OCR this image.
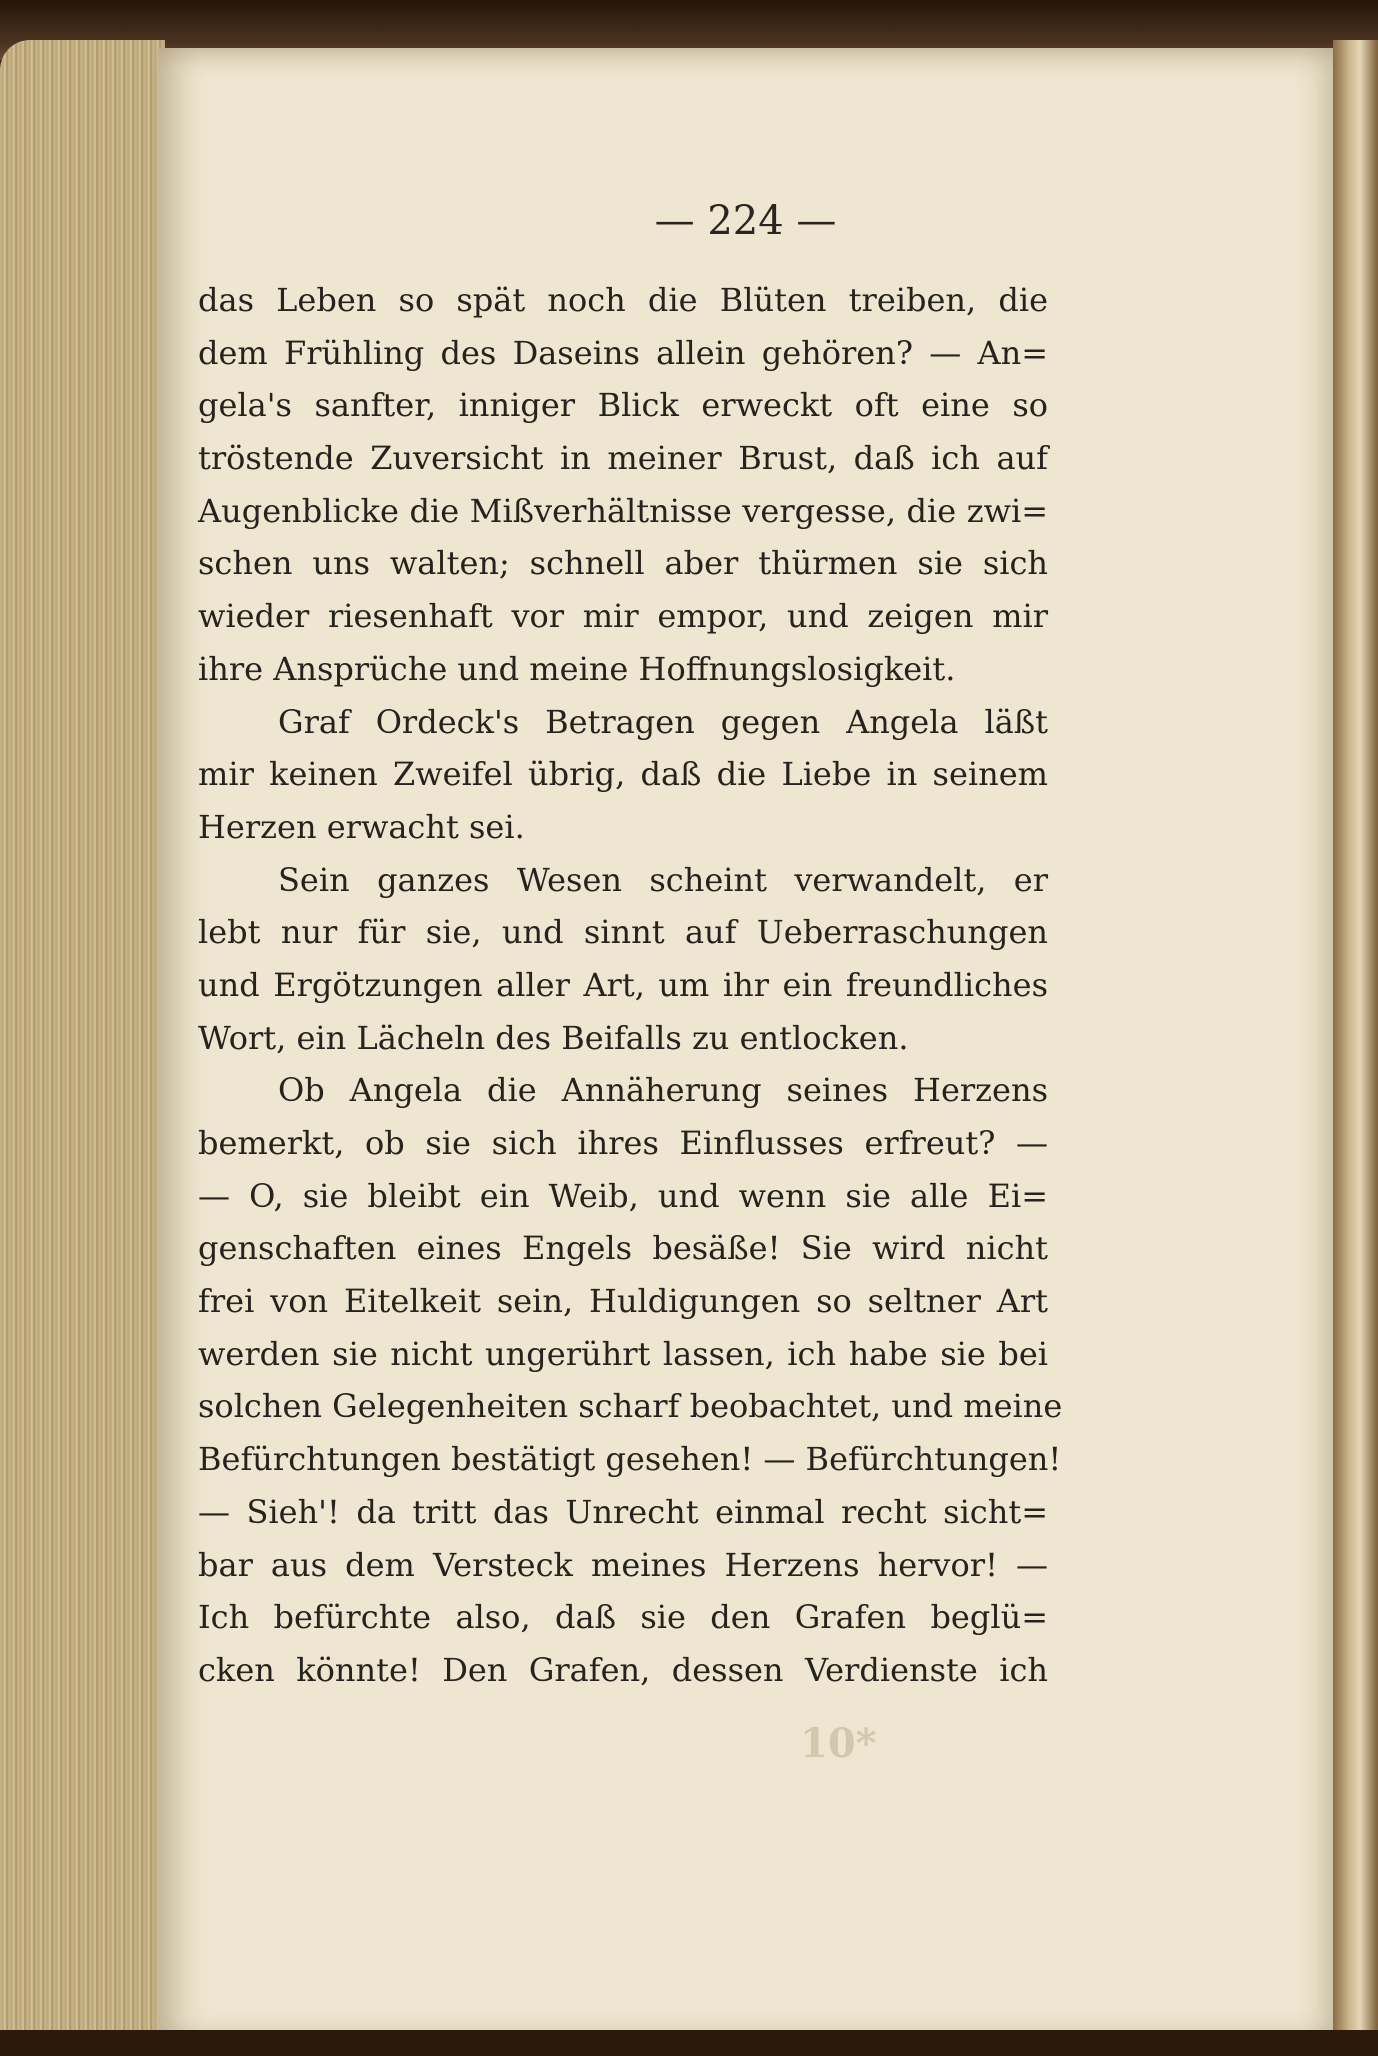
— 224 —
das Leben so spät noch die Blüten treiben, die
dem Frühling des Daseins allein gehören? — An=
gela's sanfter, inniger Blick erweckt oft eine so
tröstende Zuversicht in meiner Brust, daß ich auf
Augenblicke die Mißverhältnisse vergesse, die zwi=
schen uns walten; schnell aber thürmen sie sich
wieder riesenhaft vor mir empor, und zeigen mir
ihre Ansprüche und meine Hoffnungslosigkeit.
Graf Ordeck's Betragen gegen Angela läßt
mir keinen Zweifel übrig, daß die Liebe in seinem
Herzen erwacht sei.
Sein ganzes Wesen scheint verwandelt, er
lebt nur für sie, und sinnt auf Ueberraschungen
und Ergötzungen aller Art, um ihr ein freundliches
Wort, ein Lächeln des Beifalls zu entlocken.
Ob Angela die Annäherung seines Herzens
bemerkt, ob sie sich ihres Einflusses erfreut? —
— O, sie bleibt ein Weib, und wenn sie alle Ei=
genschaften eines Engels besäße! Sie wird nicht
frei von Eitelkeit sein, Huldigungen so seltner Art
werden sie nicht ungerührt lassen, ich habe sie bei
solchen Gelegenheiten scharf beobachtet, und meine
Befürchtungen bestätigt gesehen! — Befürchtungen!
— Sieh'! da tritt das Unrecht einmal recht sicht=
bar aus dem Versteck meines Herzens hervor! —
Ich befürchte also, daß sie den Grafen beglü=
cken könnte! Den Grafen, dessen Verdienste ich
10*
